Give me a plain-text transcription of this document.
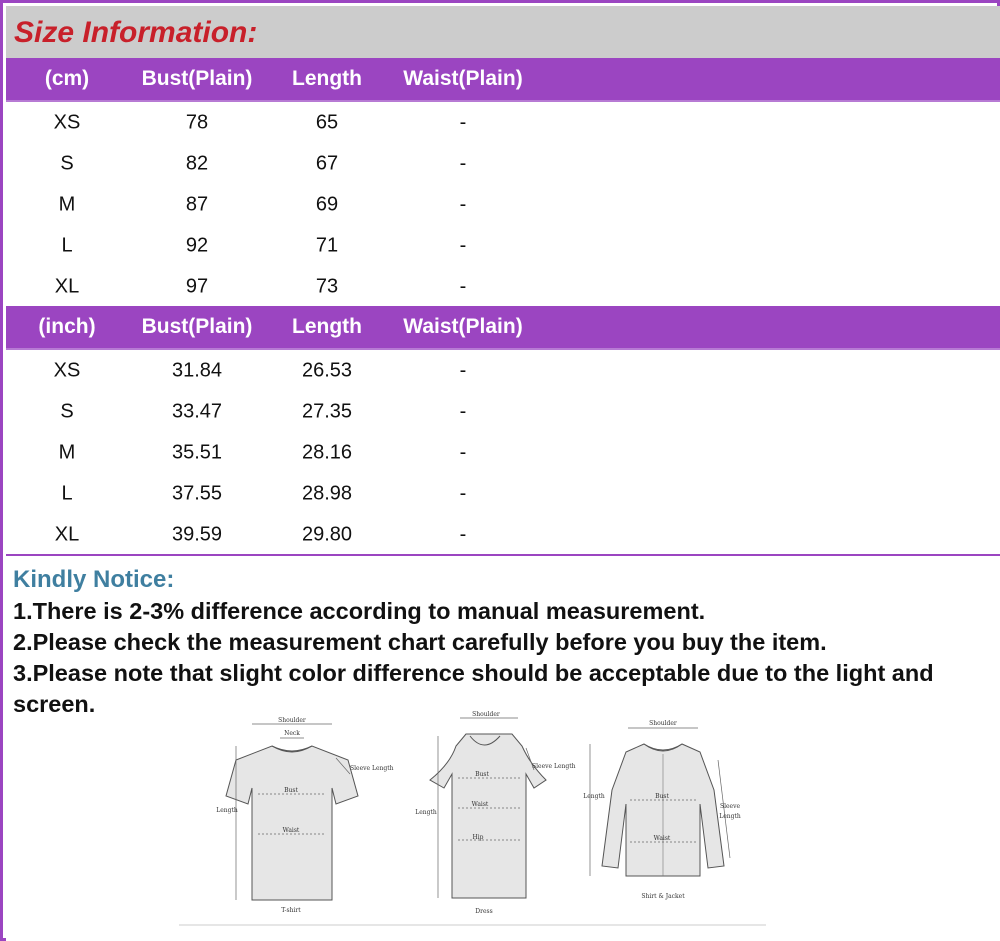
Size Information:
(cm) Bust(Plain) Length Waist(Plain)
XS	78	65	-
S	82	67	-
M	87	69	-
L	92	71	-
XL	97	73	-
(inch) Bust(Plain) Length Waist(Plain)
XS	31.84	26.53	-
S	33.47	27.35	-
M	35.51	28.16	-
L	37.55	28.98	-
XL	39.59	29.80	-
Kindly Notice:
1.There is 2-3% difference according to manual measurement.
2.Please check the measurement chart carefully before you buy the item.
3.Please note that slight color difference should be acceptable due to the light and screen.
Shoulder
Neck
Sleeve Length
Bust
Length
Waist
T-shirt
Shoulder
Sleeve Length
Bust
Length
Waist
Hip
Dress
Shoulder
Bust
Length
Sleeve
Length
Waist
Shirt & Jacket
